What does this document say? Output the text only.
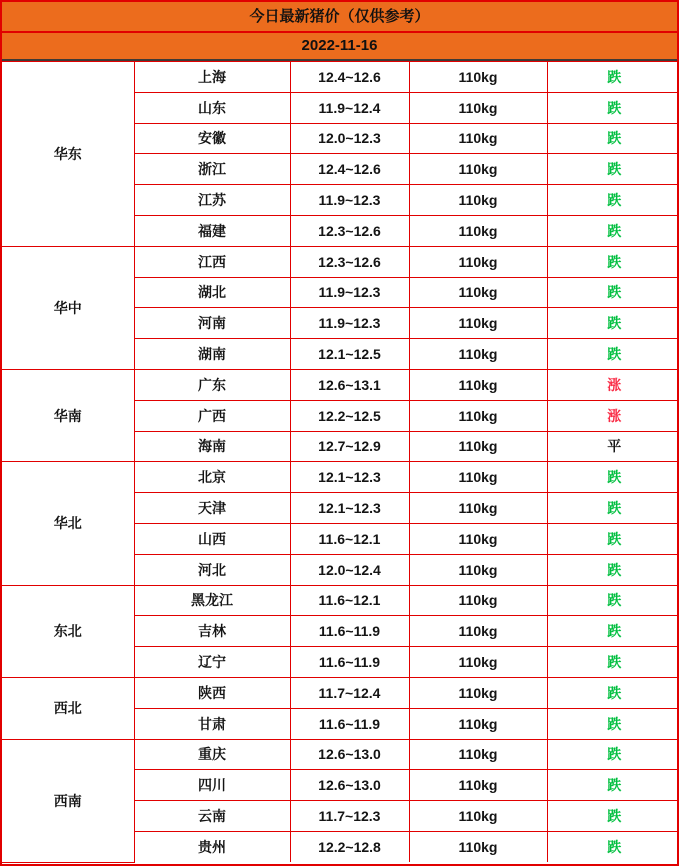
今日最新猪价（仅供参考）
2022-11-16
华东	上海	12.4~12.6	110kg	跌
	山东	11.9~12.4	110kg	跌
	安徽	12.0~12.3	110kg	跌
	浙江	12.4~12.6	110kg	跌
	江苏	11.9~12.3	110kg	跌
	福建	12.3~12.6	110kg	跌
华中	江西	12.3~12.6	110kg	跌
	湖北	11.9~12.3	110kg	跌
	河南	11.9~12.3	110kg	跌
	湖南	12.1~12.5	110kg	跌
华南	广东	12.6~13.1	110kg	涨
	广西	12.2~12.5	110kg	涨
	海南	12.7~12.9	110kg	平
华北	北京	12.1~12.3	110kg	跌
	天津	12.1~12.3	110kg	跌
	山西	11.6~12.1	110kg	跌
	河北	12.0~12.4	110kg	跌
东北	黑龙江	11.6~12.1	110kg	跌
	吉林	11.6~11.9	110kg	跌
	辽宁	11.6~11.9	110kg	跌
西北	陕西	11.7~12.4	110kg	跌
	甘肃	11.6~11.9	110kg	跌
西南	重庆	12.6~13.0	110kg	跌
	四川	12.6~13.0	110kg	跌
	云南	11.7~12.3	110kg	跌
	贵州	12.2~12.8	110kg	跌
